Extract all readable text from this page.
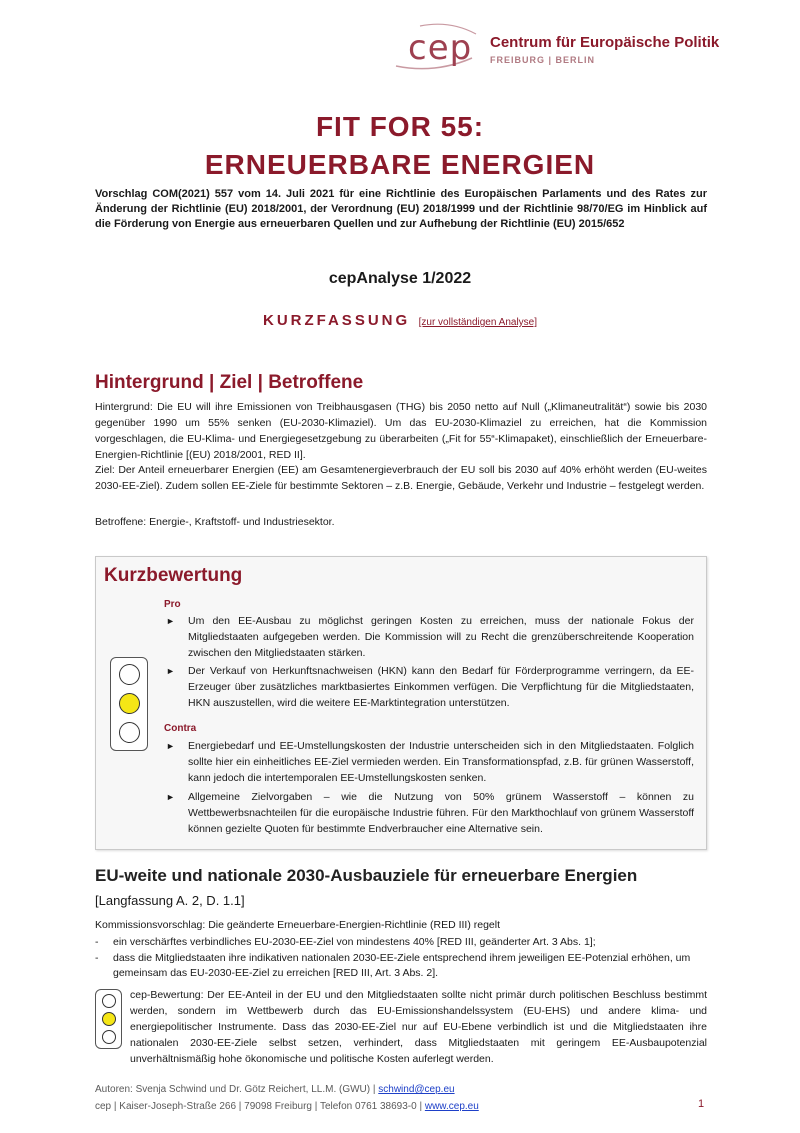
cep Centrum für Europäische Politik
FREIBURG | BERLIN
FIT FOR 55:
ERNEUERBARE ENERGIEN
Vorschlag COM(2021) 557 vom 14. Juli 2021 für eine Richtlinie des Europäischen Parlaments und des Rates zur Änderung der Richtlinie (EU) 2018/2001, der Verordnung (EU) 2018/1999 und der Richtlinie 98/70/EG im Hinblick auf die Förderung von Energie aus erneuerbaren Quellen und zur Aufhebung der Richtlinie (EU) 2015/652
cepAnalyse 1/2022
KURZFASSUNG [zur vollständigen Analyse]
Hintergrund | Ziel | Betroffene
Hintergrund: Die EU will ihre Emissionen von Treibhausgasen (THG) bis 2050 netto auf Null („Klimaneutralität“) sowie bis 2030 gegenüber 1990 um 55% senken (EU-2030-Klimaziel). Um das EU-2030-Klimaziel zu erreichen, hat die Kommission vorgeschlagen, die EU-Klima- und Energiegesetzgebung zu überarbeiten („Fit for 55“-Klimapaket), einschließlich der Erneuerbare-Energien-Richtlinie [(EU) 2018/2001, RED II].
Ziel: Der Anteil erneuerbarer Energien (EE) am Gesamtenergieverbrauch der EU soll bis 2030 auf 40% erhöht werden (EU-weites 2030-EE-Ziel). Zudem sollen EE-Ziele für bestimmte Sektoren – z.B. Energie, Gebäude, Verkehr und Industrie – festgelegt werden.
Betroffene: Energie-, Kraftstoff- und Industriesektor.
Kurzbewertung
Pro
► Um den EE-Ausbau zu möglichst geringen Kosten zu erreichen, muss der nationale Fokus der Mitgliedstaaten aufgegeben werden. Die Kommission will zu Recht die grenzüberschreitende Kooperation zwischen den Mitgliedstaaten stärken.
► Der Verkauf von Herkunftsnachweisen (HKN) kann den Bedarf für Förderprogramme verringern, da EE-Erzeuger über zusätzliches marktbasiertes Einkommen verfügen. Die Verpflichtung für die Mitgliedstaaten, HKN auszustellen, wird die weitere EE-Marktintegration unterstützen.
Contra
► Energiebedarf und EE-Umstellungskosten der Industrie unterscheiden sich in den Mitgliedstaaten. Folglich sollte hier ein einheitliches EE-Ziel vermieden werden. Ein Transformationspfad, z.B. für grünen Wasserstoff, kann jedoch die intertemporalen EE-Umstellungskosten senken.
► Allgemeine Zielvorgaben – wie die Nutzung von 50% grünem Wasserstoff – können zu Wettbewerbsnachteilen für die europäische Industrie führen. Für den Markthochlauf von grünem Wasserstoff können gezielte Quoten für bestimmte Endverbraucher eine Alternative sein.
EU-weite und nationale 2030-Ausbauziele für erneuerbare Energien
[Langfassung A. 2, D. 1.1]
Kommissionsvorschlag: Die geänderte Erneuerbare-Energien-Richtlinie (RED III) regelt
- ein verschärftes verbindliches EU-2030-EE-Ziel von mindestens 40% [RED III, geänderter Art. 3 Abs. 1];
- dass die Mitgliedstaaten ihre indikativen nationalen 2030-EE-Ziele entsprechend ihrem jeweiligen EE-Potenzial erhöhen, um gemeinsam das EU-2030-EE-Ziel zu erreichen [RED III, Art. 3 Abs. 2].
cep-Bewertung: Der EE-Anteil in der EU und den Mitgliedstaaten sollte nicht primär durch politischen Beschluss bestimmt werden, sondern im Wettbewerb durch das EU-Emissionshandelssystem (EU-EHS) und andere klima- und energiepolitischer Instrumente. Dass das 2030-EE-Ziel nur auf EU-Ebene verbindlich ist und die Mitgliedstaaten ihre nationalen 2030-EE-Ziele selbst setzen, verhindert, dass Mitgliedstaaten mit geringem EE-Ausbaupotenzial unverhältnismäßig hohe ökonomische und politische Kosten auferlegt werden.
Autoren: Svenja Schwind und Dr. Götz Reichert, LL.M. (GWU) | schwind@cep.eu
cep | Kaiser-Joseph-Straße 266 | 79098 Freiburg | Telefon 0761 38693-0 | www.cep.eu	1
